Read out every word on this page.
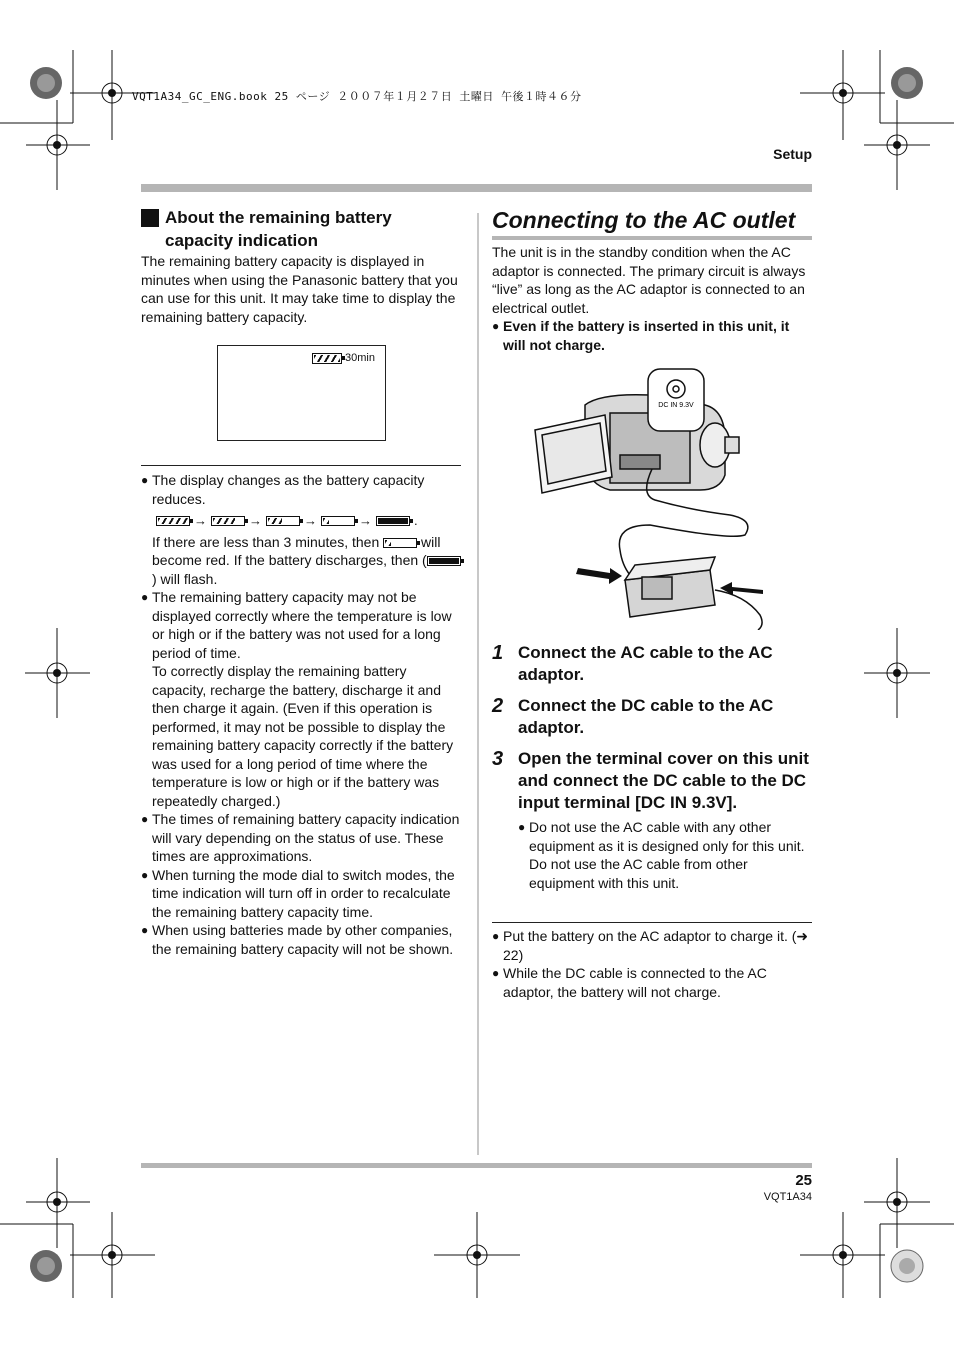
VQT1A34_GC_ENG.book 25 ページ ２００７年１月２７日 土曜日 午後１時４６分
Setup
About the remaining battery capacity indication

The remaining battery capacity is displayed in minutes when using the Panasonic battery that you can use for this unit. It may take time to display the remaining battery capacity.

30min
● The display changes as the battery capacity reduces.
→	→	→	→	.
If there are less than 3 minutes, then	will become red. If the battery discharges, then (
) will flash.
● The remaining battery capacity may not be displayed correctly where the temperature is low or high or if the battery was not used for a long period of time.
To correctly display the remaining battery capacity, recharge the battery, discharge it and then charge it again. (Even if this operation is performed, it may not be possible to display the remaining battery capacity correctly if the battery was used for a long period of time where the temperature is low or high or if the battery was repeatedly charged.)
● The times of remaining battery capacity indication will vary depending on the status of use. These times are approximations.
● When turning the mode dial to switch modes, the time indication will turn off in order to recalculate the remaining battery capacity time.
● When using batteries made by other companies, the remaining battery capacity will not be shown.
Connecting to the AC outlet

The unit is in the standby condition when the AC adaptor is connected. The primary circuit is always “live” as long as the AC adaptor is connected to an electrical outlet.

● Even if the battery is inserted in this unit, it will not charge.
DC IN 9.3V
1 Connect the AC cable to the AC adaptor.
2 Connect the DC cable to the AC adaptor.
3 Open the terminal cover on this unit and connect the DC cable to the DC input terminal [DC IN 9.3V].
● Do not use the AC cable with any other equipment as it is designed only for this unit. Do not use the AC cable from other equipment with this unit.
● Put the battery on the AC adaptor to charge it. (➜ 22)
● While the DC cable is connected to the AC adaptor, the battery will not charge.
25
VQT1A34
